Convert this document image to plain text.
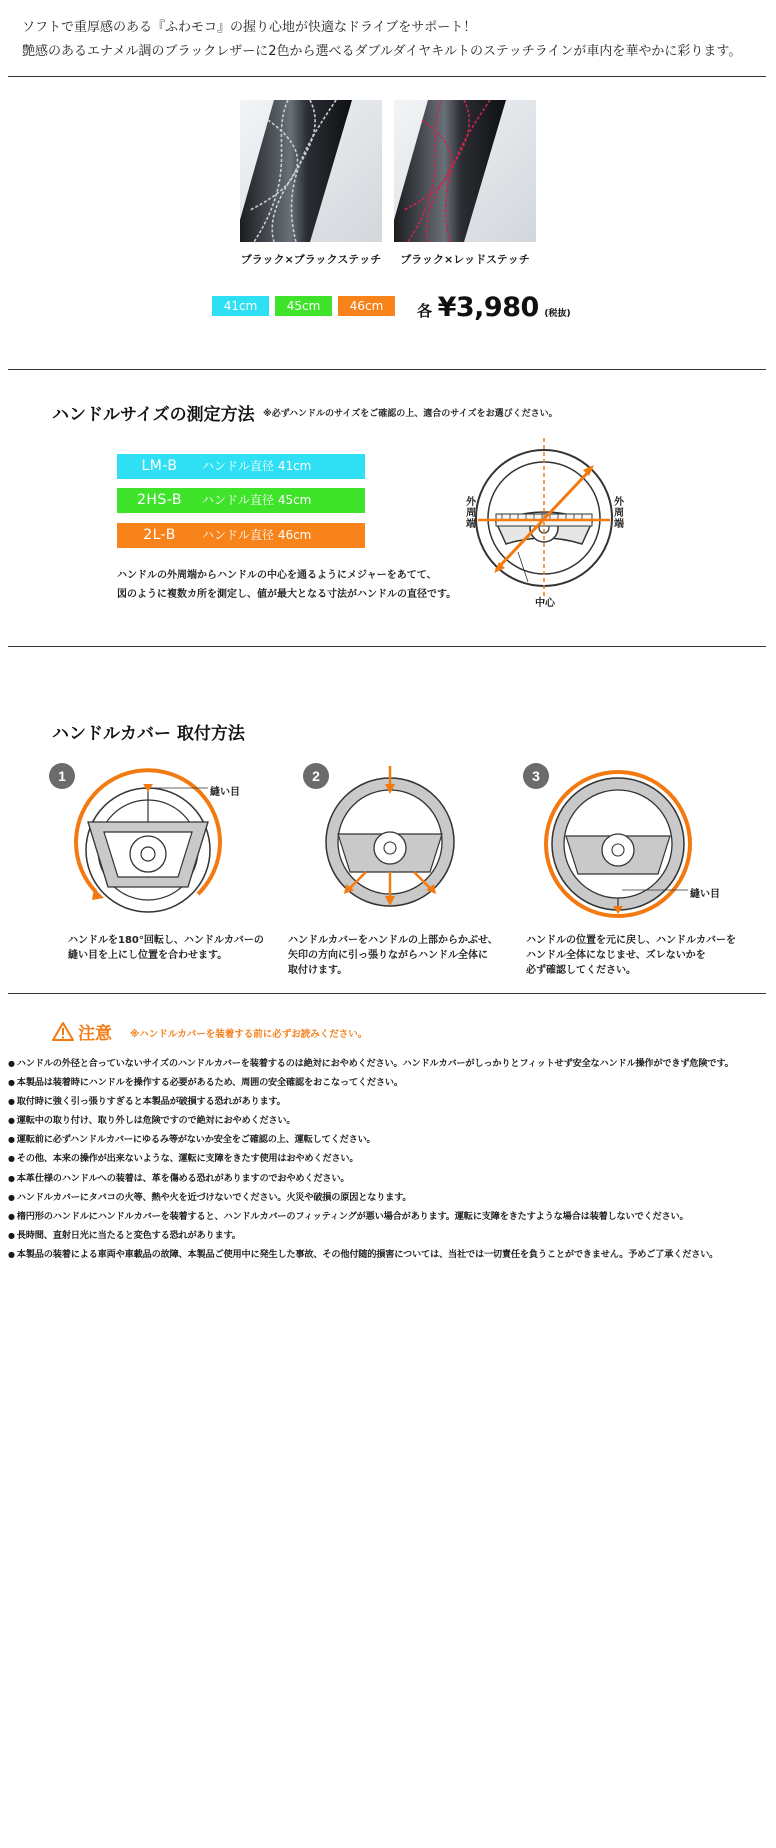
ソフトで重厚感のある『ふわモコ』の握り心地が快適なドライブをサポート！
艶感のあるエナメル調のブラックレザーに2色から選べるダブルダイヤキルトのステッチラインが車内を華やかに彩ります。
ブラック×ブラックステッチ	ブラック×レッドステッチ
41cm	45cm	46cm	各 ¥3,980 (税抜)
ハンドルサイズの測定方法 ※必ずハンドルのサイズをご確認の上、適合のサイズをお選びください。
LM-B ハンドル直径 41cm
2HS-B ハンドル直径 45cm
2L-B ハンドル直径 46cm
ハンドルの外周端からハンドルの中心を通るようにメジャーをあてて、
図のように複数カ所を測定し、値が最大となる寸法がハンドルの直径です。
外周端
外周端
中心
ハンドルカバー 取付方法
1
縫い目
ハンドルを180°回転し、ハンドルカバーの
縫い目を上にし位置を合わせます。
2
ハンドルカバーをハンドルの上部からかぶせ、
矢印の方向に引っ張りながらハンドル全体に
取付けます。
3
縫い目
ハンドルの位置を元に戻し、ハンドルカバーを
ハンドル全体になじませ、ズレないかを
必ず確認してください。
注意 ※ハンドルカバーを装着する前に必ずお読みください。
● ハンドルの外径と合っていないサイズのハンドルカバーを装着するのは絶対におやめください。ハンドルカバーがしっかりとフィットせず安全なハンドル操作ができず危険です。
● 本製品は装着時にハンドルを操作する必要があるため、周囲の安全確認をおこなってください。
● 取付時に強く引っ張りすぎると本製品が破損する恐れがあります。
● 運転中の取り付け、取り外しは危険ですので絶対におやめください。
● 運転前に必ずハンドルカバーにゆるみ等がないか安全をご確認の上、運転してください。
● その他、本来の操作が出来ないような、運転に支障をきたす使用はおやめください。
● 本革仕様のハンドルへの装着は、革を傷める恐れがありますのでおやめください。
● ハンドルカバーにタバコの火等、熱や火を近づけないでください。火災や破損の原因となります。
● 楕円形のハンドルにハンドルカバーを装着すると、ハンドルカバーのフィッティングが悪い場合があります。運転に支障をきたすような場合は装着しないでください。
● 長時間、直射日光に当たると変色する恐れがあります。
● 本製品の装着による車両や車載品の故障、本製品ご使用中に発生した事故、その他付随的損害については、当社では一切責任を負うことができません。予めご了承ください。
